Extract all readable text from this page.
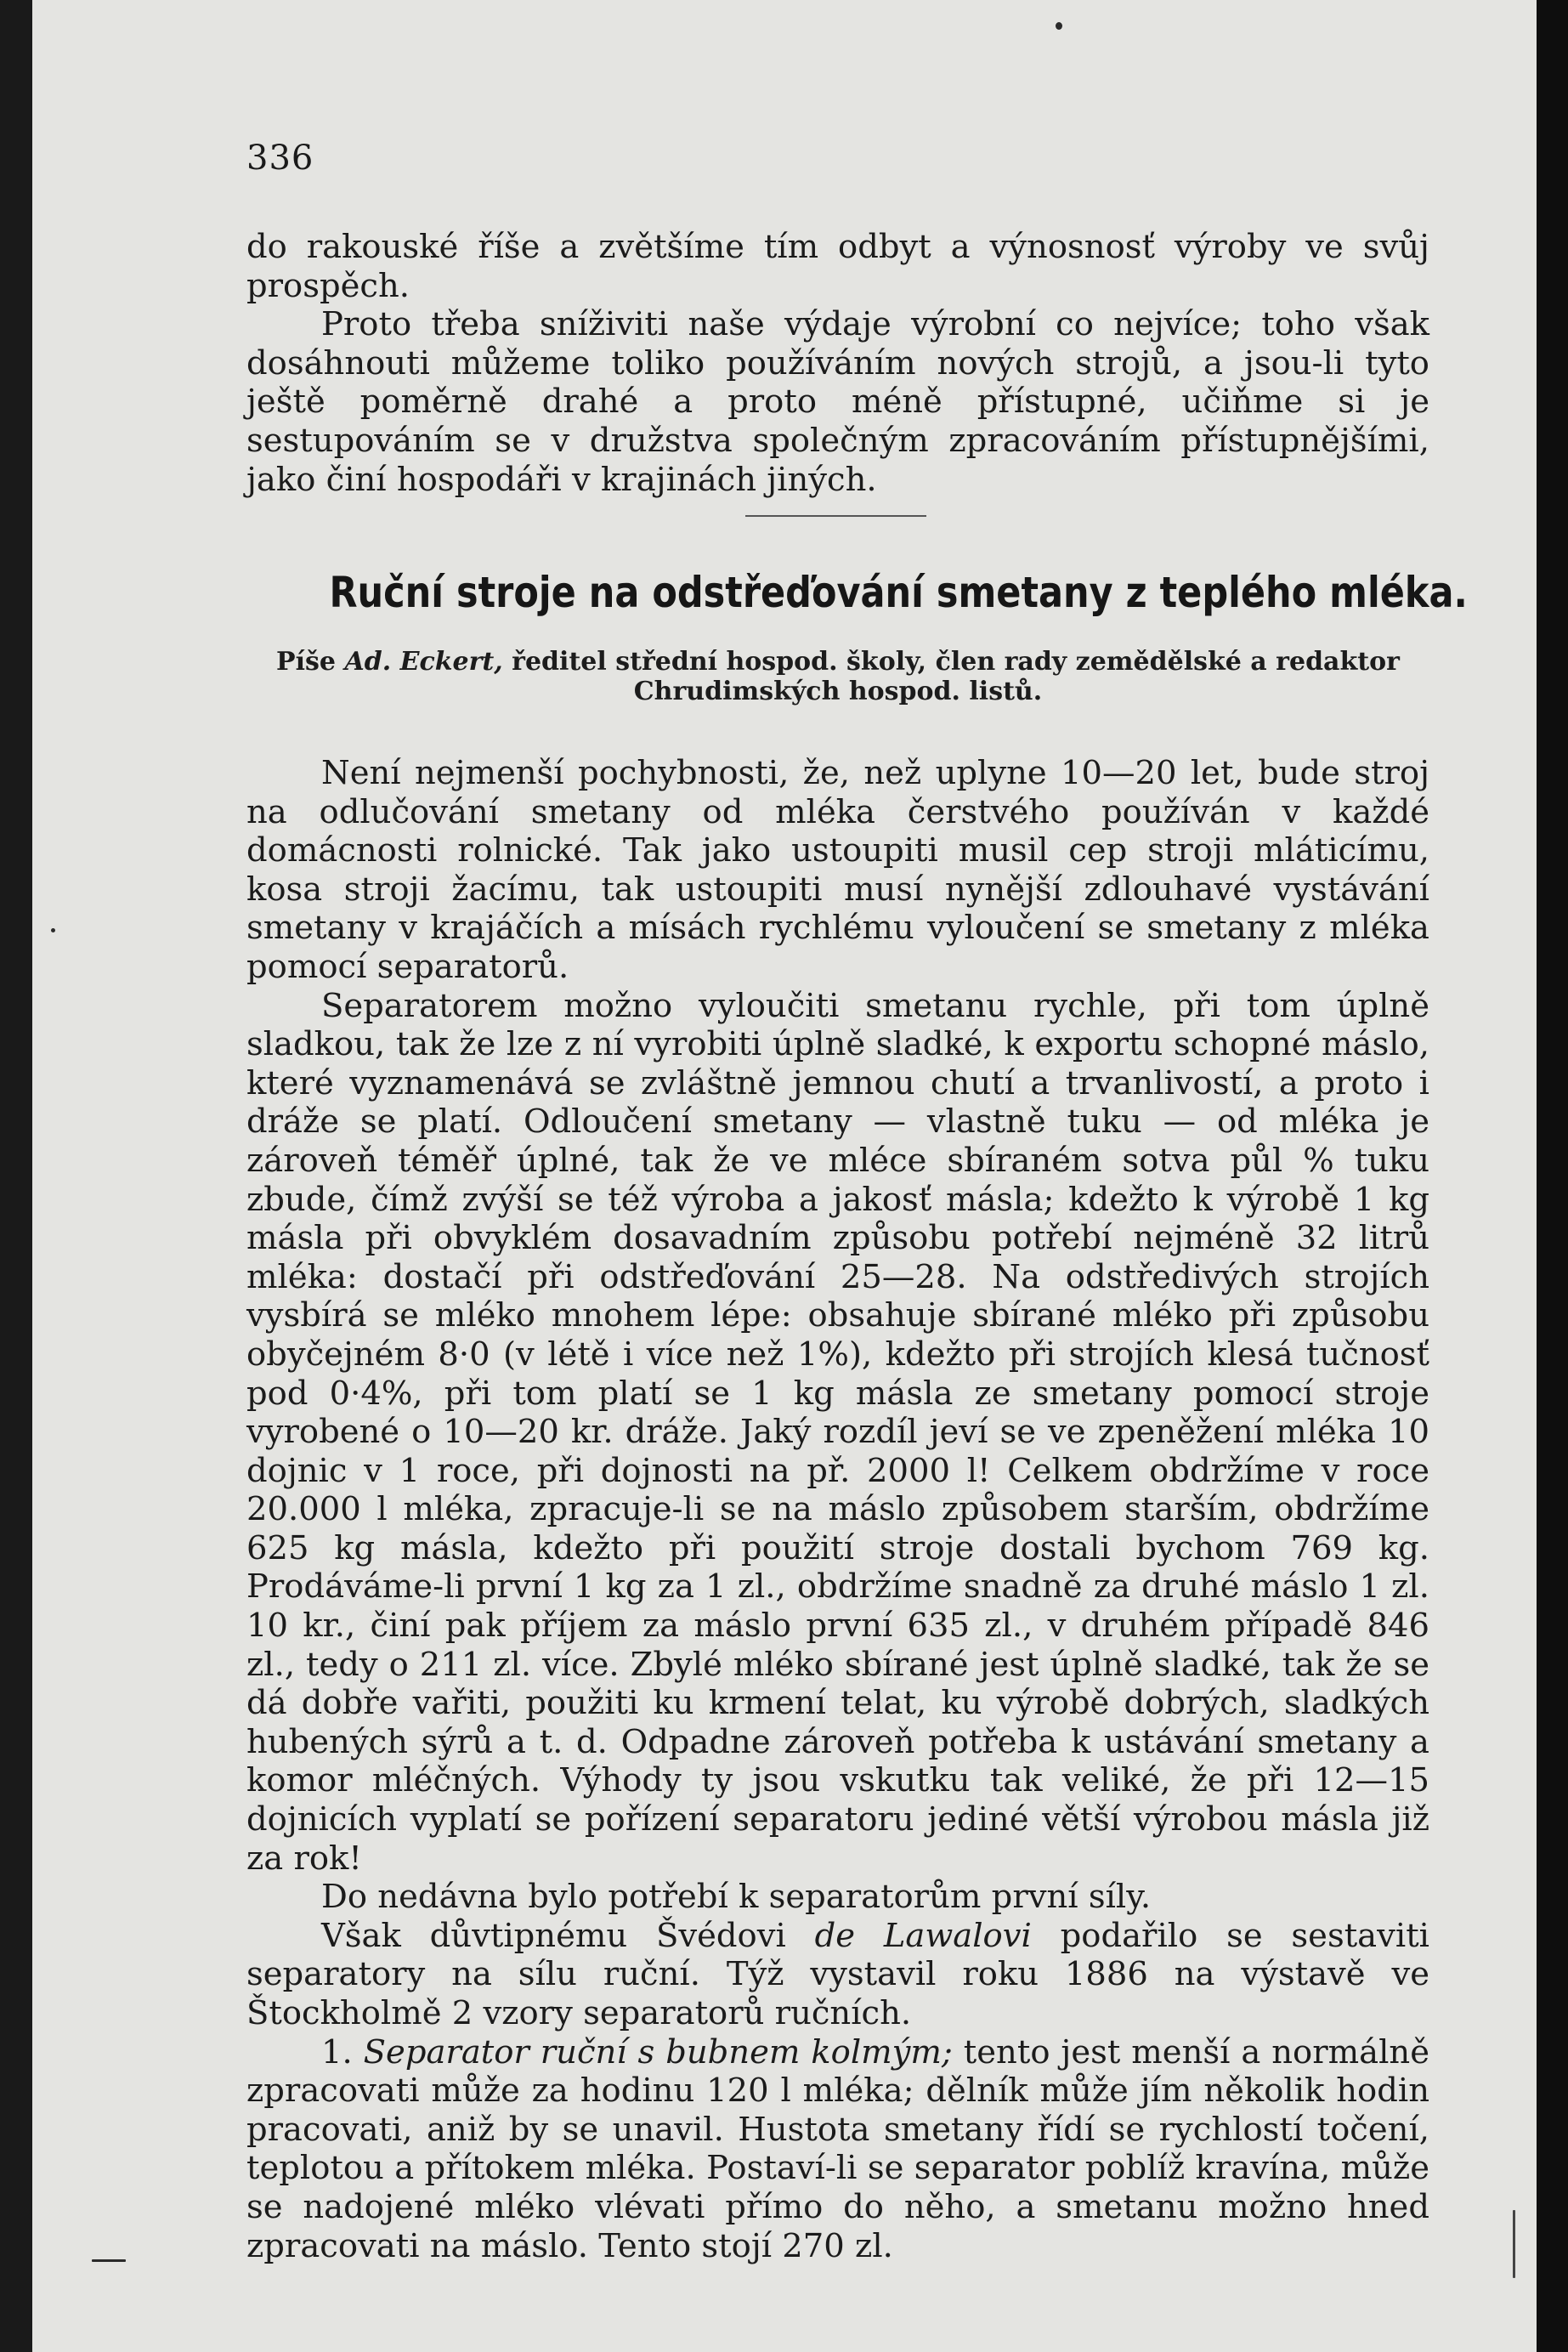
336
do rakouské říše a zvětšíme tím odbyt a výnosnosť výroby ve svůj prospěch.
Proto třeba sníživiti naše výdaje výrobní co nejvíce; toho však dosáhnouti můžeme toliko používáním nových strojů, a jsou-li tyto ještě poměrně drahé a proto méně přístupné, učiňme si je sestupováním se v družstva společným zpracováním přístupnějšími, jako činí hospodáři v krajinách jiných.
Ruční stroje na odstřeďování smetany z teplého mléka.
Píše Ad. Eckert, ředitel střední hospod. školy, člen rady zemědělské a redaktor Chrudimských hospod. listů.
Není nejmenší pochybnosti, že, než uplyne 10—20 let, bude stroj na odlučování smetany od mléka čerstvého používán v každé domácnosti rolnické. Tak jako ustoupiti musil cep stroji mláticímu, kosa stroji žacímu, tak ustoupiti musí nynější zdlouhavé vystávání smetany v krajáčích a mísách rychlému vyloučení se smetany z mléka pomocí separatorů.
Separatorem možno vyloučiti smetanu rychle, při tom úplně sladkou, tak že lze z ní vyrobiti úplně sladké, k exportu schopné máslo, které vyznamenává se zvláštně jemnou chutí a trvanlivostí, a proto i dráže se platí. Odloučení smetany — vlastně tuku — od mléka je zároveň téměř úplné, tak že ve mléce sbíraném sotva půl % tuku zbude, čímž zvýší se též výroba a jakosť másla; kdežto k výrobě 1 kg másla při obvyklém dosavadním způsobu potřebí nejméně 32 litrů mléka: dostačí při odstřeďování 25—28. Na odstředivých strojích vysbírá se mléko mnohem lépe: obsahuje sbírané mléko při způsobu obyčejném 8·0 (v létě i více než 1%), kdežto při strojích klesá tučnosť pod 0·4%, při tom platí se 1 kg másla ze smetany pomocí stroje vyrobené o 10—20 kr. dráže. Jaký rozdíl jeví se ve zpeněžení mléka 10 dojnic v 1 roce, při dojnosti na př. 2000 l! Celkem obdržíme v roce 20.000 l mléka, zpracuje-li se na máslo způsobem starším, obdržíme 625 kg másla, kdežto při použití stroje dostali bychom 769 kg. Prodáváme-li první 1 kg za 1 zl., obdržíme snadně za druhé máslo 1 zl. 10 kr., činí pak příjem za máslo první 635 zl., v druhém případě 846 zl., tedy o 211 zl. více. Zbylé mléko sbírané jest úplně sladké, tak že se dá dobře vařiti, použiti ku krmení telat, ku výrobě dobrých, sladkých hubených sýrů a t. d. Odpadne zároveň potřeba k ustávání smetany a komor mléčných. Výhody ty jsou vskutku tak veliké, že při 12—15 dojnicích vyplatí se pořízení separatoru jediné větší výrobou másla již za rok!
Do nedávna bylo potřebí k separatorům první síly.
Však důvtipnému Švédovi de Lawalovi podařilo se sestaviti separatory na sílu ruční. Týž vystavil roku 1886 na výstavě ve Štockholmě 2 vzory separatorů ručních.
1. Separator ruční s bubnem kolmým; tento jest menší a normálně zpracovati může za hodinu 120 l mléka; dělník může jím několik hodin pracovati, aniž by se unavil. Hustota smetany řídí se rychlostí točení, teplotou a přítokem mléka. Postaví-li se separator poblíž kravína, může se nadojené mléko vlévati přímo do něho, a smetanu možno hned zpracovati na máslo. Tento stojí 270 zl.
